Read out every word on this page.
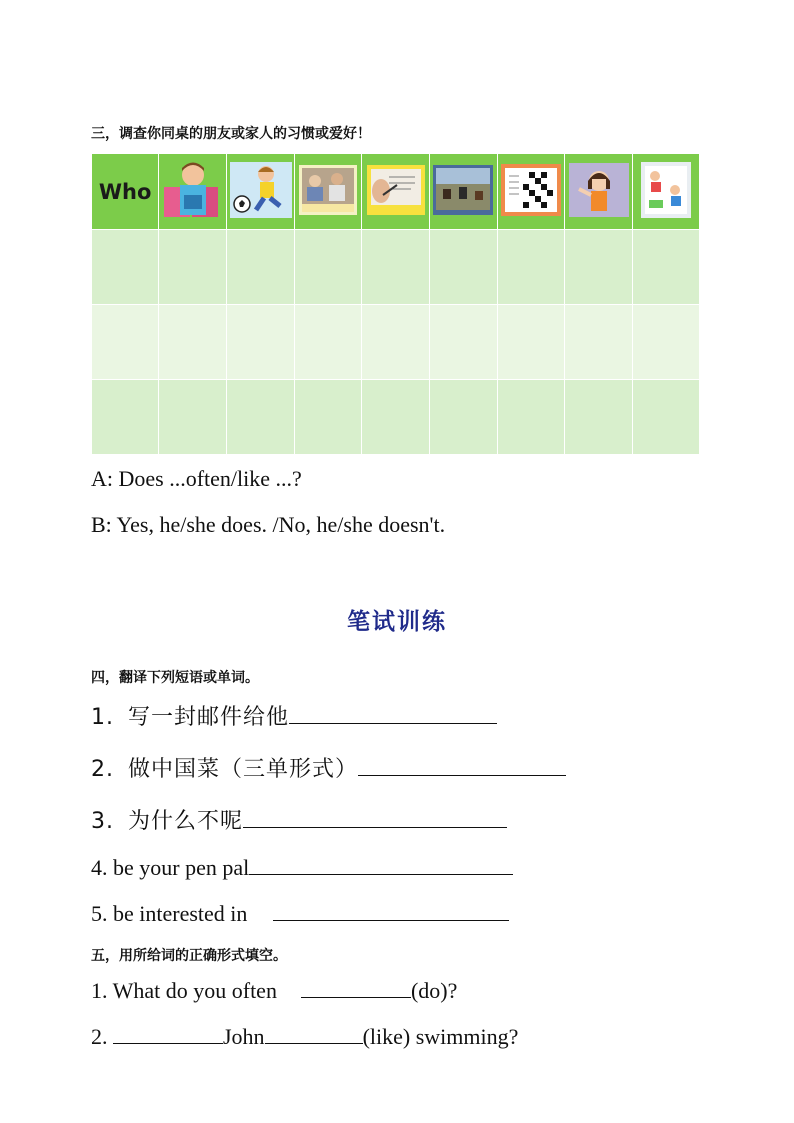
三，调查你同桌的朋友或家人的习惯或爱好！
Who								

A: Does ...often/like ...?
B: Yes, he/she does. /No, he/she doesn't.
笔试训练
四，翻译下列短语或单词。
1. 写一封邮件给他
2. 做中国菜（三单形式）
3. 为什么不呢
4. be your pen pal
5. be interested in
五，用所给词的正确形式填空。
1. What do you often	(do)?
2.	John	(like) swimming?
